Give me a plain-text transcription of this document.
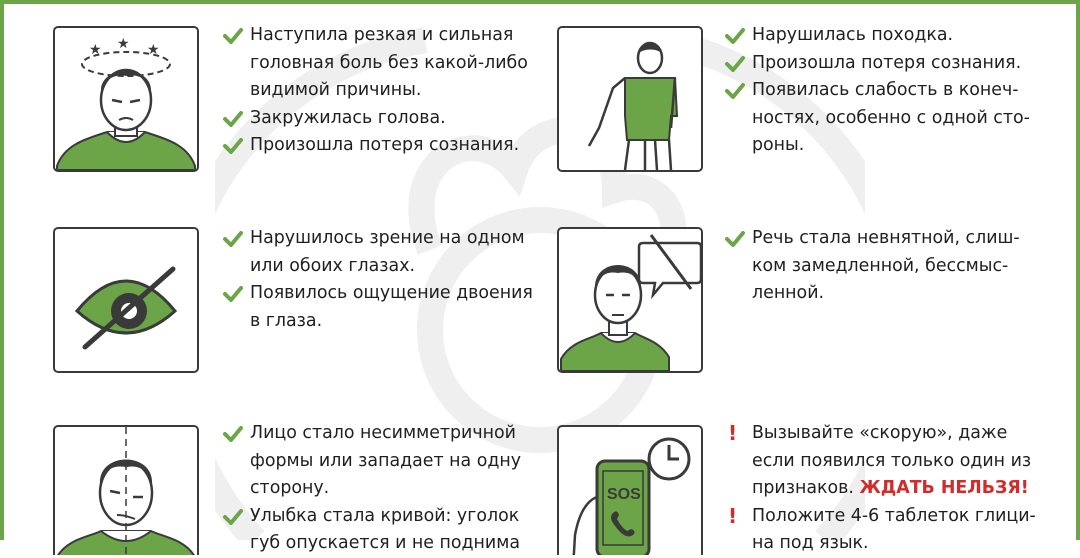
★ ★ ★
Наступила резкая и сильная
головная боль без какой-либо
видимой причины.
Закружилась голова.
Произошла потеря сознания.
Нарушилась походка.
Произошла потеря сознания.
Появилась слабость в конеч-
ностях, особенно с одной сто-
роны.
Нарушилось зрение на одном
или обоих глазах.
Появилось ощущение двоения
в глаза.
Речь стала невнятной, слиш-
ком замедленной, бессмыс-
ленной.
Лицо стало несимметричной
формы или западает на одну
сторону.
Улыбка стала кривой: уголок
губ опускается и не поднима
SOS
! Вызывайте «скорую», даже
если появился только один из
признаков. ЖДАТЬ НЕЛЬЗЯ!
! Положите 4-6 таблеток глици-
на под язык.
